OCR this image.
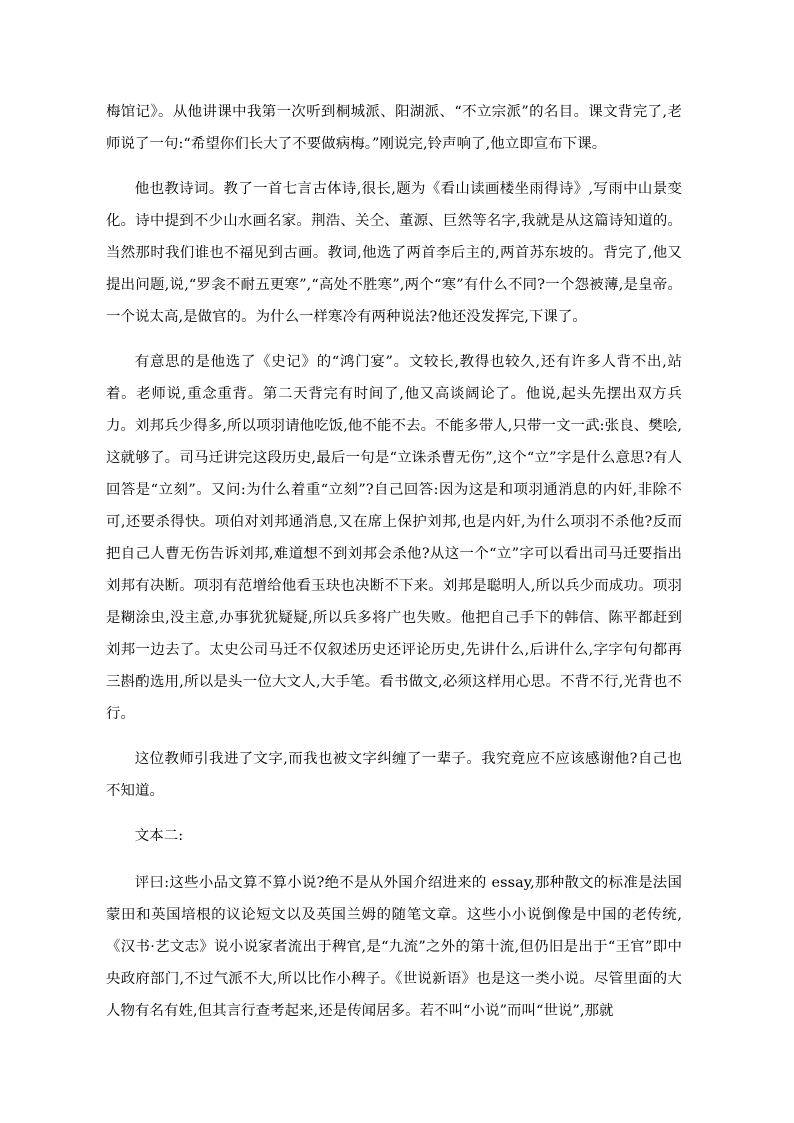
梅馆记》。从他讲课中我第一次听到桐城派、阳湖派、“不立宗派”的名目。课文背完了,老师说了一句:“希望你们长大了不要做病梅。”刚说完,铃声响了,他立即宣布下课。

他也教诗词。教了一首七言古体诗,很长,题为《看山读画楼坐雨得诗》,写雨中山景变化。诗中提到不少山水画名家。荆浩、关仝、董源、巨然等名字,我就是从这篇诗知道的。当然那时我们谁也不福见到古画。教词,他选了两首李后主的,两首苏东坡的。背完了,他又提出问题,说,“罗衾不耐五更寒”,“高处不胜寒”,两个“寒”有什么不同?一个怨被薄,是皇帝。一个说太高,是做官的。为什么一样寒冷有两种说法?他还没发挥完,下课了。

有意思的是他选了《史记》的“鸿门宴”。文较长,教得也较久,还有许多人背不出,站着。老师说,重念重背。第二天背完有时间了,他又高谈阔论了。他说,起头先摆出双方兵力。刘邦兵少得多,所以项羽请他吃饭,他不能不去。不能多带人,只带一文一武:张良、樊哙,这就够了。司马迁讲完这段历史,最后一句是“立诛杀曹无伤”,这个“立”字是什么意思?有人回答是“立刻”。又问:为什么着重“立刻”?自己回答:因为这是和项羽通消息的内奸,非除不可,还要杀得快。项伯对刘邦通消息,又在席上保护刘邦,也是内奸,为什么项羽不杀他?反而把自己人曹无伤告诉刘邦,难道想不到刘邦会杀他?从这一个“立”字可以看出司马迁要指出刘邦有决断。项羽有范增给他看玉玦也决断不下来。刘邦是聪明人,所以兵少而成功。项羽是糊涂虫,没主意,办事犹犹疑疑,所以兵多将广也失败。他把自己手下的韩信、陈平都赶到刘邦一边去了。太史公司马迁不仅叙述历史还评论历史,先讲什么,后讲什么,字字句句都再三斟酌选用,所以是头一位大文人,大手笔。看书做文,必须这样用心思。不背不行,光背也不行。

这位教师引我进了文字,而我也被文字纠缠了一辈子。我究竟应不应该感谢他?自己也不知道。

文本二:

评曰:这些小品文算不算小说?绝不是从外国介绍进来的 essay,那种散文的标准是法国蒙田和英国培根的议论短文以及英国兰姆的随笔文章。这些小小说倒像是中国的老传统,《汉书·艺文志》说小说家者流出于稗官,是“九流”之外的第十流,但仍旧是出于“王官”即中央政府部门,不过气派不大,所以比作小稗子。《世说新语》也是这一类小说。尽管里面的大人物有名有姓,但其言行查考起来,还是传闻居多。若不叫“小说”而叫“世说”,那就
